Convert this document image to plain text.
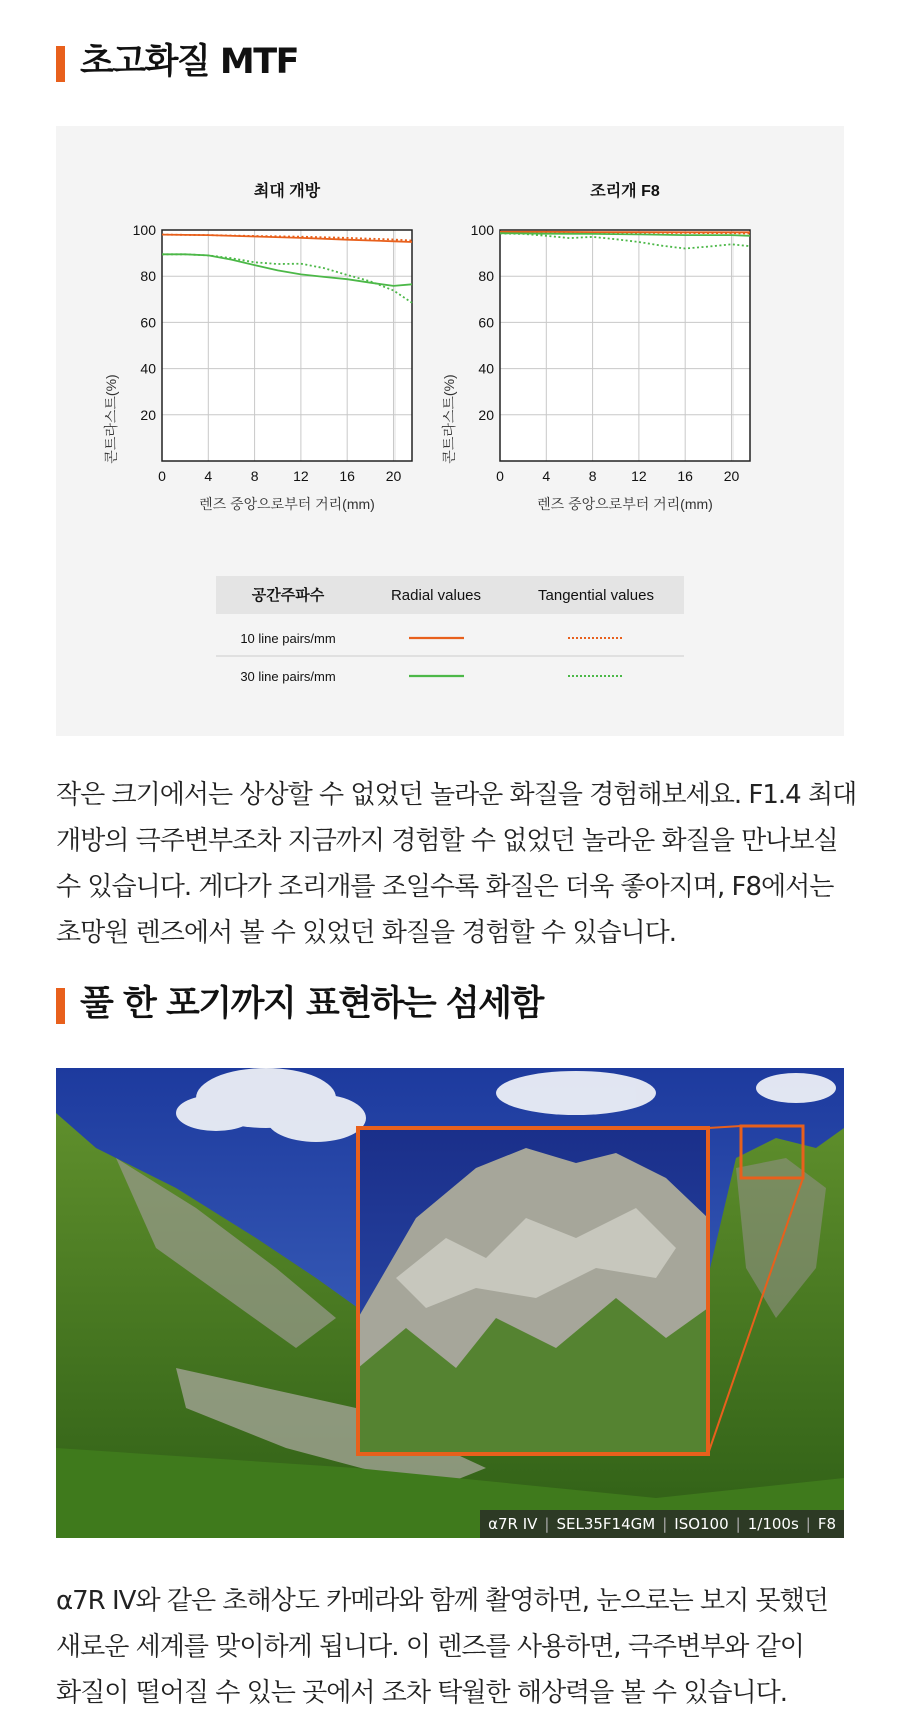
초고화질 MTF
최대 개방
0	4	8 12 16 20
20
40
60
80
100
렌즈 중앙으로부터 거리(mm)
콘트라스트(%)
조리개 F8
0	4	8 12 16 20
20
40
60
80
100
렌즈 중앙으로부터 거리(mm)
콘트라스트(%)
공간주파수	Radial values	Tangential values
10 line pairs/mm
30 line pairs/mm

작은 크기에서는 상상할 수 없었던 놀라운 화질을 경험해보세요. F1.4 최대

개방의 극주변부조차 지금까지 경험할 수 없었던 놀라운 화질을 만나보실

수 있습니다. 게다가 조리개를 조일수록 화질은 더욱 좋아지며, F8에서는

초망원 렌즈에서 볼 수 있었던 화질을 경험할 수 있습니다.

풀 한 포기까지 표현하는 섬세함
α7R IV | SEL35F14GM | ISO100 | 1/100s | F8

α7R IV와 같은 초해상도 카메라와 함께 촬영하면, 눈으로는 보지 못했던

새로운 세계를 맞이하게 됩니다. 이 렌즈를 사용하면, 극주변부와 같이

화질이 떨어질 수 있는 곳에서 조차 탁월한 해상력을 볼 수 있습니다.
